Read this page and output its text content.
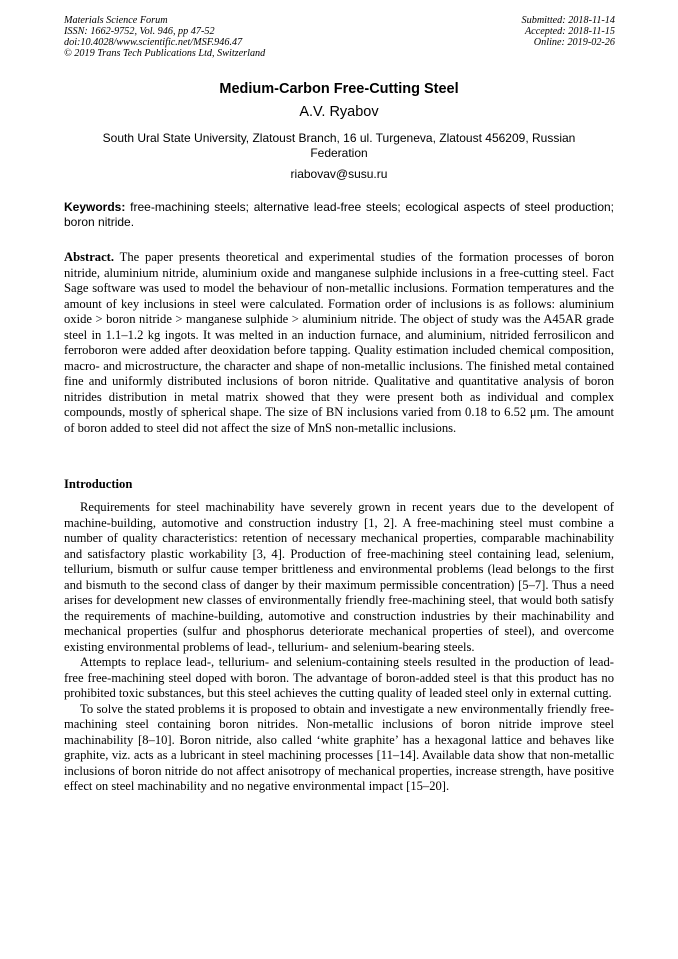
Materials Science Forum
ISSN: 1662-9752, Vol. 946, pp 47-52
doi:10.4028/www.scientific.net/MSF.946.47
© 2019 Trans Tech Publications Ltd, Switzerland
Submitted: 2018-11-14
Accepted: 2018-11-15
Online: 2019-02-26
Medium-Carbon Free-Cutting Steel
A.V. Ryabov
South Ural State University, Zlatoust Branch, 16 ul. Turgeneva, Zlatoust 456209, Russian Federation
riabovav@susu.ru
Keywords: free-machining steels; alternative lead-free steels; ecological aspects of steel production; boron nitride.
Abstract. The paper presents theoretical and experimental studies of the formation processes of boron nitride, aluminium nitride, aluminium oxide and manganese sulphide inclusions in a free-cutting steel. Fact Sage software was used to model the behaviour of non-metallic inclusions. Formation temperatures and the amount of key inclusions in steel were calculated. Formation order of inclusions is as follows: aluminium oxide > boron nitride > manganese sulphide > aluminium nitride. The object of study was the A45AR grade steel in 1.1–1.2 kg ingots. It was melted in an induction furnace, and aluminium, nitrided ferrosilicon and ferroboron were added after deoxidation before tapping. Quality estimation included chemical composition, macro- and microstructure, the character and shape of non-metallic inclusions. The finished metal contained fine and uniformly distributed inclusions of boron nitride. Qualitative and quantitative analysis of boron nitrides distribution in metal matrix showed that they were present both as individual and complex compounds, mostly of spherical shape. The size of BN inclusions varied from 0.18 to 6.52 μm. The amount of boron added to steel did not affect the size of MnS non-metallic inclusions.
Introduction

Requirements for steel machinability have severely grown in recent years due to the developent of machine-building, automotive and construction industry [1, 2]. A free-machining steel must combine a number of quality characteristics: retention of necessary mechanical properties, comparable machinability and satisfactory plastic workability [3, 4]. Production of free-machining steel containing lead, selenium, tellurium, bismuth or sulfur cause temper brittleness and environmental problems (lead belongs to the first and bismuth to the second class of danger by their maximum permissible concentration) [5–7]. Thus a need arises for development new classes of environmentally friendly free-machining steel, that would both satisfy the requirements of machine-building, automotive and construction industries by their machinability and mechanical properties (sulfur and phosphorus deteriorate mechanical properties of steel), and overcome existing environmental problems of lead-, tellurium- and selenium-bearing steels.

Attempts to replace lead-, tellurium- and selenium-containing steels resulted in the production of lead-free free-machining steel doped with boron. The advantage of boron-added steel is that this product has no prohibited toxic substances, but this steel achieves the cutting quality of leaded steel only in external cutting.

To solve the stated problems it is proposed to obtain and investigate a new environmentally friendly free-machining steel containing boron nitrides. Non-metallic inclusions of boron nitride improve steel machinability [8–10]. Boron nitride, also called ‘white graphite’ has a hexagonal lattice and behaves like graphite, viz. acts as a lubricant in steel machining processes [11–14]. Available data show that non-metallic inclusions of boron nitride do not affect anisotropy of mechanical properties, increase strength, have positive effect on steel machinability and no negative environmental impact [15–20].
